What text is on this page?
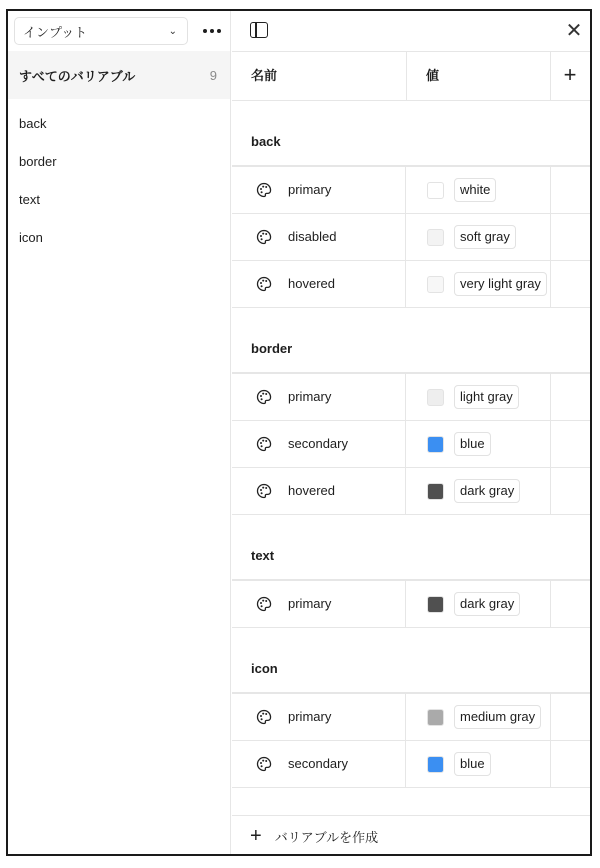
インプット	⌄
すべてのバリアブル	9
back
border
text
icon
✕
名前	値	+
back
primary	white
disabled	soft gray
hovered	very light gray
border
primary	light gray
secondary	blue
hovered	dark gray
text
primary	dark gray
icon
primary	medium gray
secondary	blue
+ バリアブルを作成
